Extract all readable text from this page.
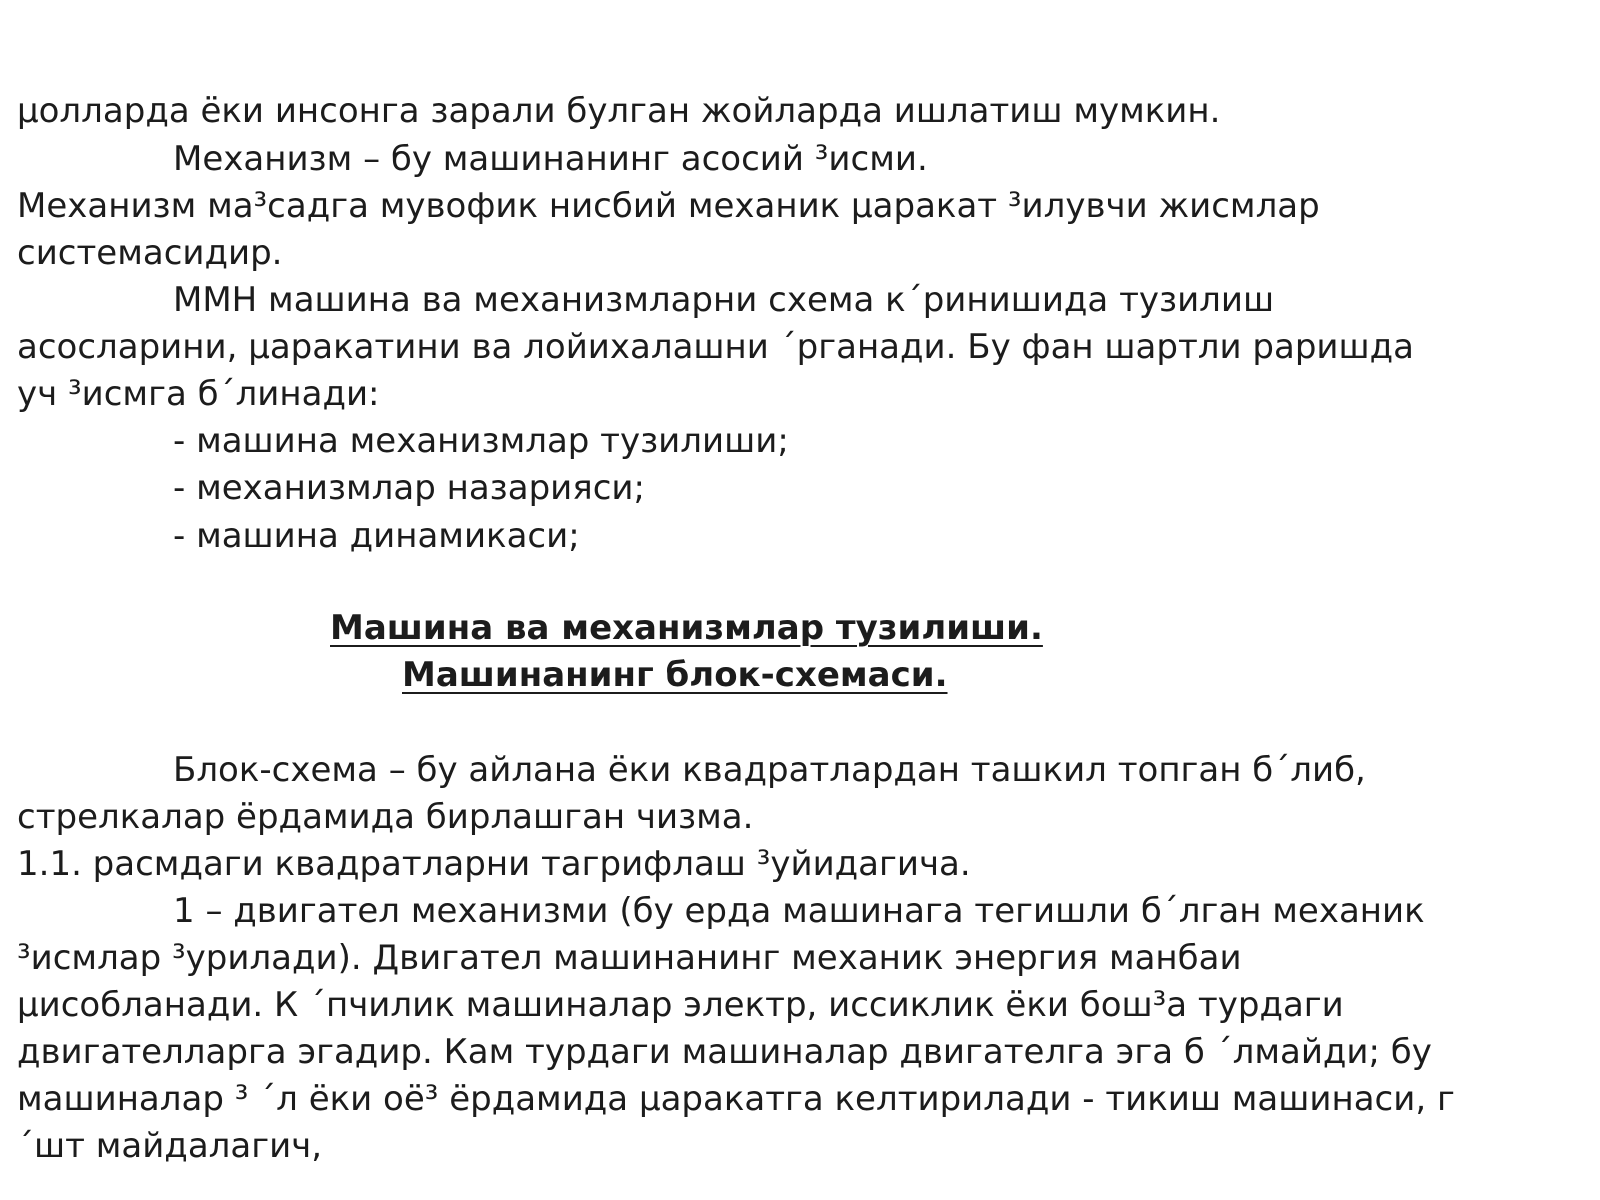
µолларда ёки инсонга зарали булган жойларда ишлатиш мумкин.
Механизм – бу машинанинг асосий ³исми.
Механизм ма³садга мувофик нисбий механик µаракат ³илувчи жисмлар
системасидир.
ММН машина ва механизмларни схема к´ринишида тузилиш
асосларини, µаракатини ва лойихалашни ´рганади. Бу фан шартли раришда
уч ³исмга б´линади:
- машина механизмлар тузилиши;
- механизмлар назарияси;
- машина динамикаси;
Машина ва механизмлар тузилиши.
Машинанинг блок-схемаси.
Блок-схема – бу айлана ёки квадратлардан ташкил топган б´либ,
стрелкалар ёрдамида бирлашган чизма.
1.1. расмдаги квадратларни тагрифлаш ³уйидагича.
1 – двигател механизми (бу ерда машинага тегишли б´лган механик
³исмлар ³урилади). Двигател машинанинг механик энергия манбаи
µисобланади. К ´пчилик машиналар электр, иссиклик ёки бош³а турдаги
двигателларга эгадир. Кам турдаги машиналар двигателга эга б ´лмайди; бу
машиналар ³ ´л ёки оё³ ёрдамида µаракатга келтирилади - тикиш машинаси, г
´шт майдалагич,
